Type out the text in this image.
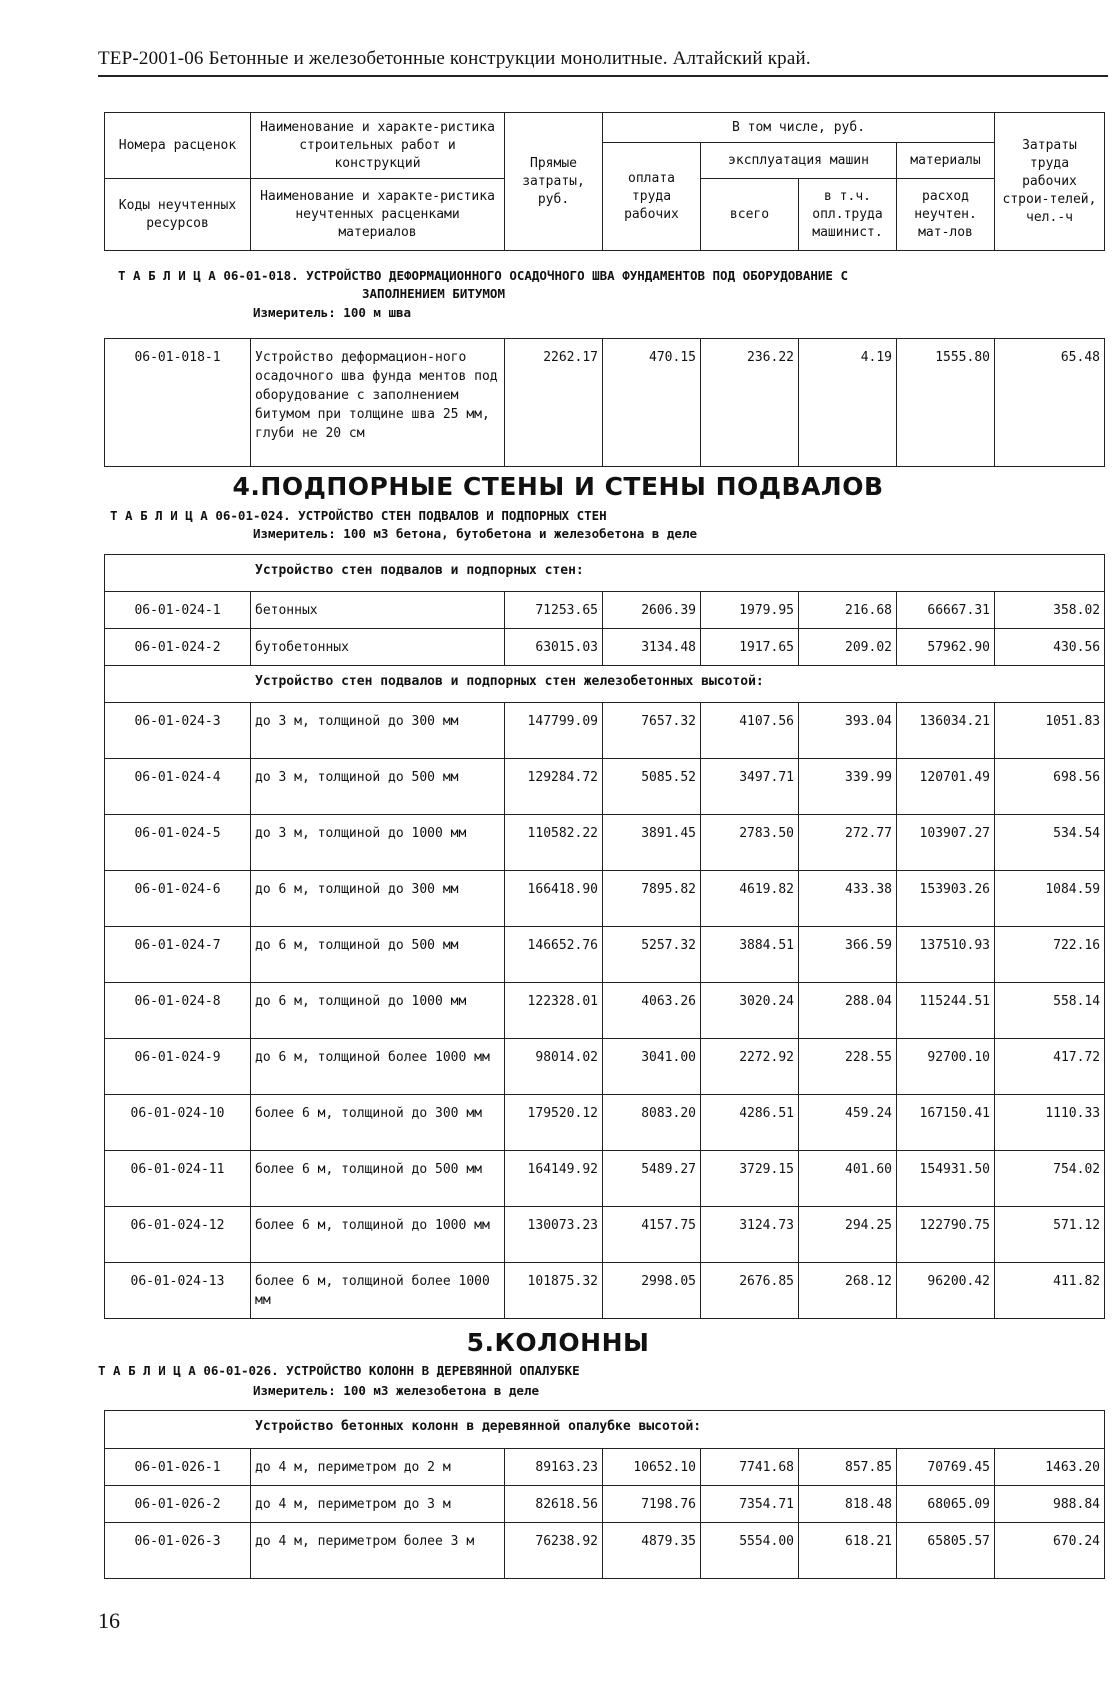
ТЕР-2001-06 Бетонные и железобетонные конструкции монолитные. Алтайский край.
Номера расценок	Наименование и характе-ристика строительных работ и конструкций	Прямые затраты, руб.	В том числе, руб.				Затраты труда рабочих строи-телей, чел.-ч
			оплата труда рабочих	эксплуатация машин		материалы	
Коды неучтенных ресурсов	Наименование и характе-ристика неучтенных расценками материалов			всего	в т.ч. опл.труда машинист.	расход неучтен. мат-лов	

Т А Б Л И Ц А 06-01-018. УСТРОЙСТВО ДЕФОРМАЦИОННОГО ОСАДОЧНОГО ШВА ФУНДАМЕНТОВ ПОД ОБОРУДОВАНИЕ С
ЗАПОЛНЕНИЕМ БИТУМОМ
Измеритель: 100 м шва
06-01-018-1	Устройство деформацион-ного осадочного шва фунда ментов под оборудование с заполнением битумом при толщине шва 25 мм, глуби не 20 см	2262.17	470.15	236.22	4.19	1555.80	65.48
4.ПОДПОРНЫЕ СТЕНЫ И СТЕНЫ ПОДВАЛОВ
Т А Б Л И Ц А 06-01-024. УСТРОЙСТВО СТЕН ПОДВАЛОВ И ПОДПОРНЫХ СТЕН
Измеритель: 100 м3 бетона, бутобетона и железобетона в деле
Устройство стен подвалов и подпорных стен:							
06-01-024-1	бетонных	71253.65	2606.39	1979.95	216.68	66667.31	358.02
06-01-024-2	бутобетонных	63015.03	3134.48	1917.65	209.02	57962.90	430.56
Устройство стен подвалов и подпорных стен железобетонных высотой:							
06-01-024-3	до 3 м, толщиной до 300 мм	147799.09	7657.32	4107.56	393.04	136034.21	1051.83
06-01-024-4	до 3 м, толщиной до 500 мм	129284.72	5085.52	3497.71	339.99	120701.49	698.56
06-01-024-5	до 3 м, толщиной до 1000 мм	110582.22	3891.45	2783.50	272.77	103907.27	534.54
06-01-024-6	до 6 м, толщиной до 300 мм	166418.90	7895.82	4619.82	433.38	153903.26	1084.59
06-01-024-7	до 6 м, толщиной до 500 мм	146652.76	5257.32	3884.51	366.59	137510.93	722.16
06-01-024-8	до 6 м, толщиной до 1000 мм	122328.01	4063.26	3020.24	288.04	115244.51	558.14
06-01-024-9	до 6 м, толщиной более 1000 мм	98014.02	3041.00	2272.92	228.55	92700.10	417.72
06-01-024-10	более 6 м, толщиной до 300 мм	179520.12	8083.20	4286.51	459.24	167150.41	1110.33
06-01-024-11	более 6 м, толщиной до 500 мм	164149.92	5489.27	3729.15	401.60	154931.50	754.02
06-01-024-12	более 6 м, толщиной до 1000 мм	130073.23	4157.75	3124.73	294.25	122790.75	571.12
06-01-024-13	более 6 м, толщиной более 1000 мм	101875.32	2998.05	2676.85	268.12	96200.42	411.82
5.КОЛОННЫ
Т А Б Л И Ц А 06-01-026. УСТРОЙСТВО КОЛОНН В ДЕРЕВЯННОЙ ОПАЛУБКЕ
Измеритель: 100 м3 железобетона в деле
Устройство бетонных колонн в деревянной опалубке высотой:							
06-01-026-1	до 4 м, периметром до 2 м	89163.23	10652.10	7741.68	857.85	70769.45	1463.20
06-01-026-2	до 4 м, периметром до 3 м	82618.56	7198.76	7354.71	818.48	68065.09	988.84
06-01-026-3	до 4 м, периметром более 3 м	76238.92	4879.35	5554.00	618.21	65805.57	670.24
16
